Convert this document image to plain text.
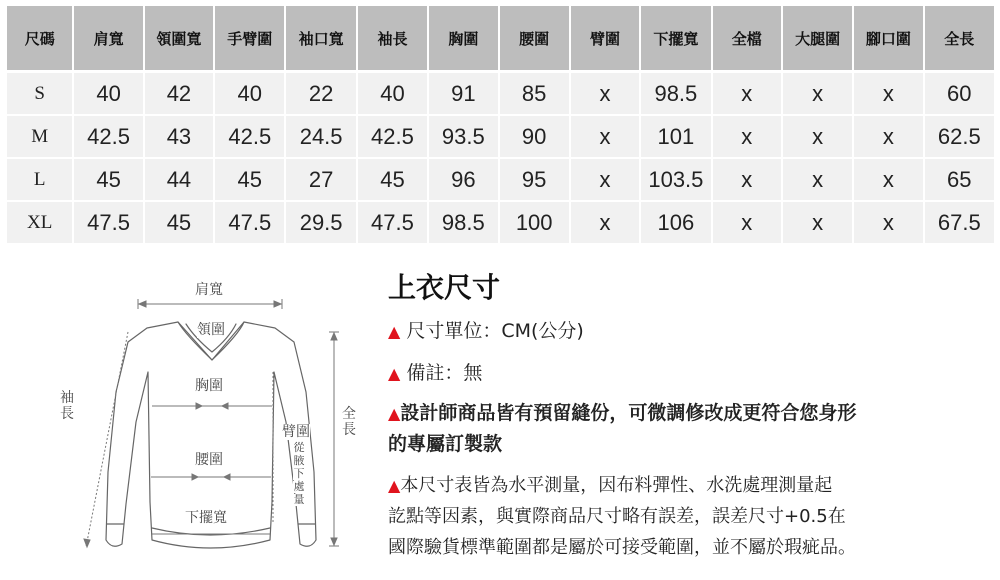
尺碼	肩寬	領圍寬	手臂圍	袖口寬	袖長	胸圍	腰圍	臂圍	下擺寬	全檔	大腿圍	腳口圍	全長
S	40	42	40	22	40	91	85	x	98.5	x	x	x	60
M	42.5	43	42.5	24.5	42.5	93.5	90	x	101	x	x	x	62.5
L	45	44	45	27	45	96	95	x	103.5	x	x	x	65
XL	47.5	45	47.5	29.5	47.5	98.5	100	x	106	x	x	x	67.5
肩寬
領圍
胸圍
腰圍
下擺寬
袖
長
臂圍
從
腋
下
處
量
全
長
上衣尺寸
▲ 尺寸單位：CM(公分)
▲ 備註：無
▲設計師商品皆有預留縫份，可微調修改成更符合您身形
的專屬訂製款
▲本尺寸表皆為水平測量，因布料彈性、水洗處理測量起
訖點等因素，與實際商品尺寸略有誤差，誤差尺寸+0.5在
國際驗貨標準範圍都是屬於可接受範圍，並不屬於瑕疵品。
